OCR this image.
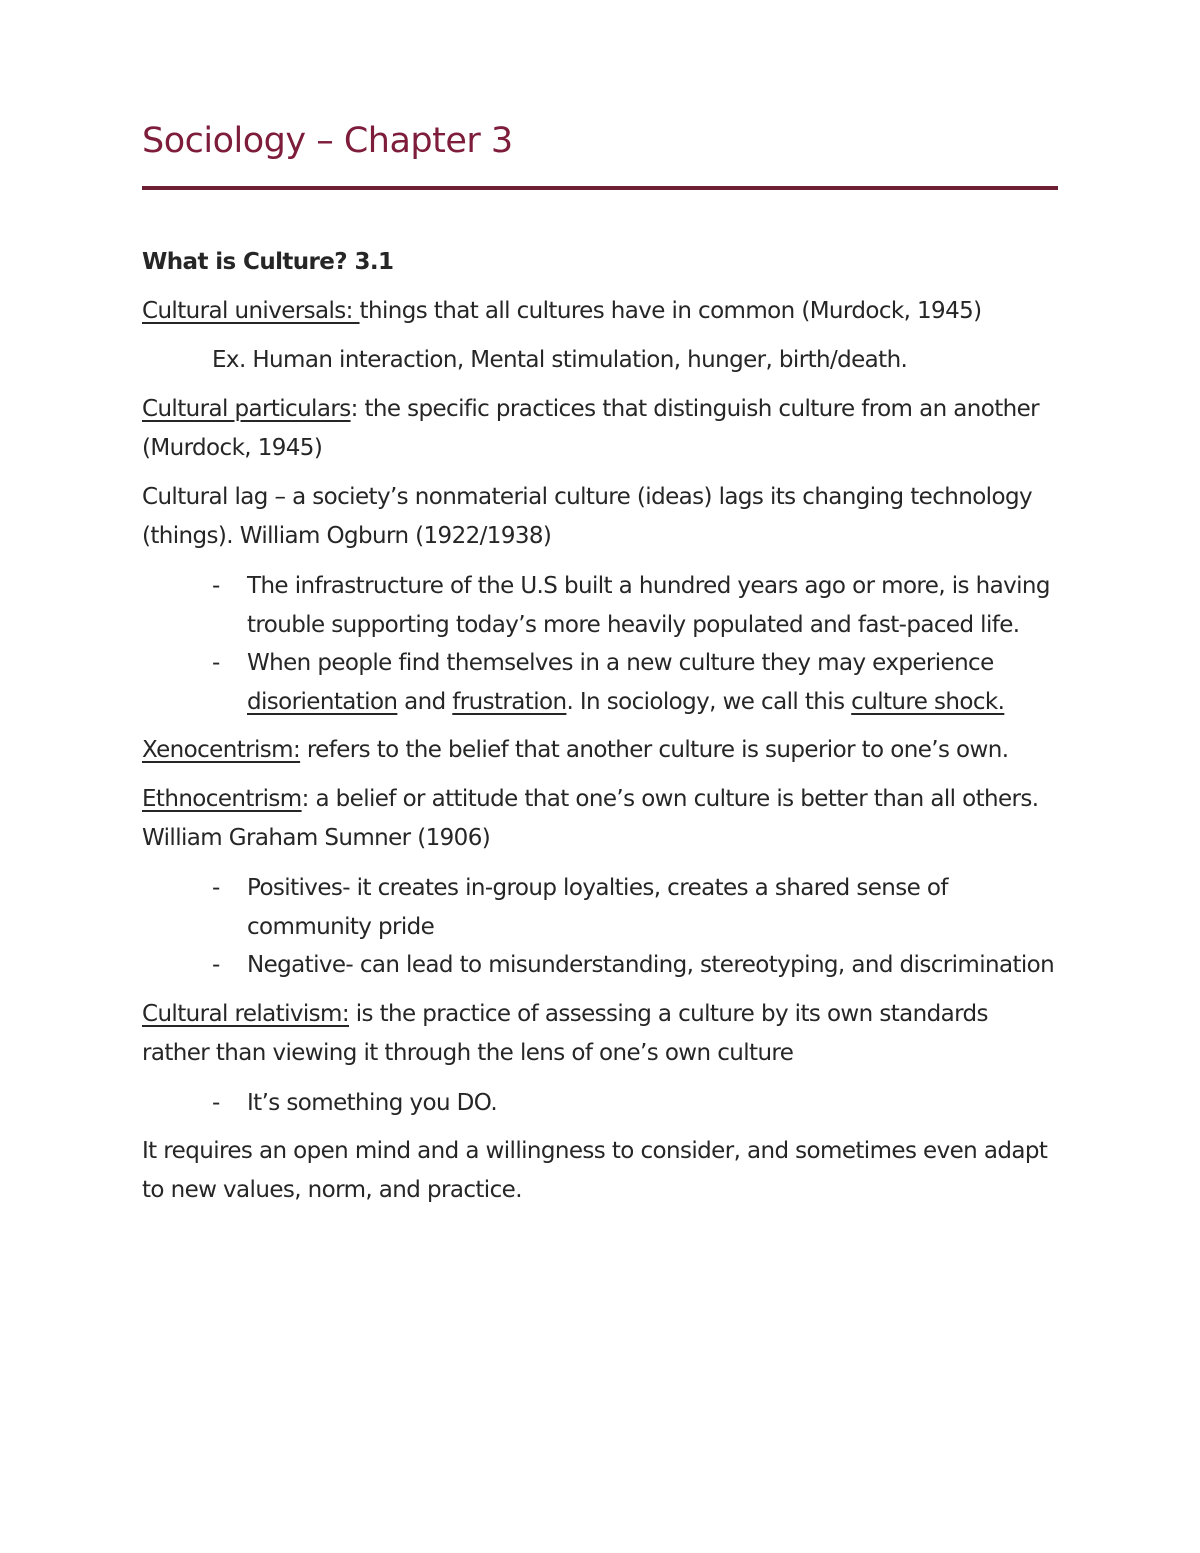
Sociology – Chapter 3

What is Culture? 3.1

Cultural universals: things that all cultures have in common (Murdock, 1945)

Ex. Human interaction, Mental stimulation, hunger, birth/death.

Cultural particulars: the specific practices that distinguish culture from an another (Murdock, 1945)

Cultural lag – a society’s nonmaterial culture (ideas) lags its changing technology (things). William Ogburn (1922/1938)

- The infrastructure of the U.S built a hundred years ago or more, is having trouble supporting today’s more heavily populated and fast-paced life.
- When people find themselves in a new culture they may experience disorientation and frustration. In sociology, we call this culture shock.

Xenocentrism: refers to the belief that another culture is superior to one’s own.

Ethnocentrism: a belief or attitude that one’s own culture is better than all others. William Graham Sumner (1906)

- Positives- it creates in-group loyalties, creates a shared sense of community pride
- Negative- can lead to misunderstanding, stereotyping, and discrimination

Cultural relativism: is the practice of assessing a culture by its own standards rather than viewing it through the lens of one’s own culture

- It’s something you DO.

It requires an open mind and a willingness to consider, and sometimes even adapt to new values, norm, and practice.
